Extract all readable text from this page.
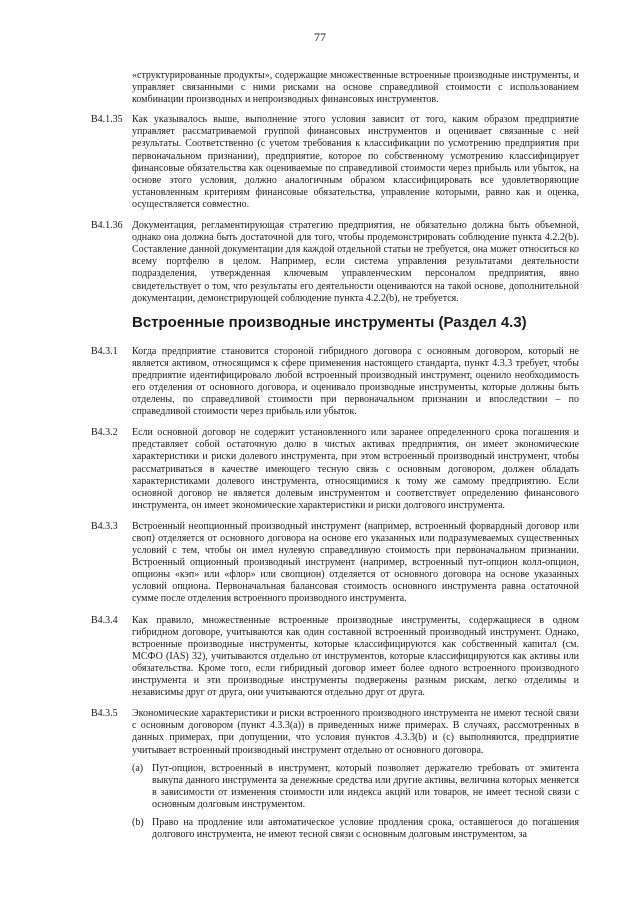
77
«структурированные продукты», содержащие множественные встроенные производные инструменты, и управляет связанными с ними рисками на основе справедливой стоимости с использованием комбинации производных и непроизводных финансовых инструментов.
B4.1.35 Как указывалось выше, выполнение этого условия зависит от того, каким образом предприятие управляет рассматриваемой группой финансовых инструментов и оценивает связанные с ней результаты. Соответственно (с учетом требования к классификации по усмотрению предприятия при первоначальном признании), предприятие, которое по собственному усмотрению классифицирует финансовые обязательства как оцениваемые по справедливой стоимости через прибыль или убыток, на основе этого условия, должно аналогичным образом классифицировать все удовлетворяющие установленным критериям финансовые обязательства, управление которыми, равно как и оценка, осуществляется совместно.
B4.1.36 Документация, регламентирующая стратегию предприятия, не обязательно должна быть объемной, однако она должна быть достаточной для того, чтобы продемонстрировать соблюдение пункта 4.2.2(b). Составление данной документации для каждой отдельной статьи не требуется, она может относиться ко всему портфелю в целом. Например, если система управления результатами деятельности подразделения, утвержденная ключевым управленческим персоналом предприятия, явно свидетельствует о том, что результаты его деятельности оцениваются на такой основе, дополнительной документации, демонстрирующей соблюдение пункта 4.2.2(b), не требуется.
Встроенные производные инструменты (Раздел 4.3)
B4.3.1	Когда предприятие становится стороной гибридного договора с основным договором, который не является активом, относящимся к сфере применения настоящего стандарта, пункт 4.3.3 требует, чтобы предприятие идентифицировало любой встроенный производный инструмент, оценило необходимость его отделения от основного договора, и оценивало производные инструменты, которые должны быть отделены, по справедливой стоимости при первоначальном признании и впоследствии – по справедливой стоимости через прибыль или убыток.
B4.3.2	Если основной договор не содержит установленного или заранее определенного срока погашения и представляет собой остаточную долю в чистых активах предприятия, он имеет экономические характеристики и риски долевого инструмента, при этом встроенный производный инструмент, чтобы рассматриваться в качестве имеющего тесную связь с основным договором, должен обладать характеристиками долевого инструмента, относящимися к тому же самому предприятию. Если основной договор не является долевым инструментом и соответствует определению финансового инструмента, он имеет экономические характеристики и риски долгового инструмента.
B4.3.3	Встроенный неопционный производный инструмент (например, встроенный форвардный договор или своп) отделяется от основного договора на основе его указанных или подразумеваемых существенных условий с тем, чтобы он имел нулевую справедливую стоимость при первоначальном признании. Встроенный опционный производный инструмент (например, встроенный пут-опцион колл-опцион, опционы «кэп» или «флор» или свопцион) отделяется от основного договора на основе указанных условий опциона. Первоначальная балансовая стоимость основного инструмента равна остаточной сумме после отделения встроенного производного инструмента.
B4.3.4	Как правило, множественные встроенные производные инструменты, содержащиеся в одном гибридном договоре, учитываются как один составной встроенный производный инструмент. Однако, встроенные производные инструменты, которые классифицируются как собственный капитал (см. МСФО (IAS) 32), учитываются отдельно от инструментов, которые классифицируются как активы или обязательства. Кроме того, если гибридный договор имеет более одного встроенного производного инструмента и эти производные инструменты подвержены разным рискам, легко отделимы и независимы друг от друга, они учитываются отдельно друг от друга.
B4.3.5	Экономические характеристики и риски встроенного производного инструмента не имеют тесной связи с основным договором (пункт 4.3.3(a)) в приведенных ниже примерах. В случаях, рассмотренных в данных примерах, при допущении, что условия пунктов 4.3.3(b) и (c) выполняются, предприятие учитывает встроенный производный инструмент отдельно от основного договора.
(a) Пут-опцион, встроенный в инструмент, который позволяет держателю требовать от эмитента выкупа данного инструмента за денежные средства или другие активы, величина которых меняется в зависимости от изменения стоимости или индекса акций или товаров, не имеет тесной связи с основным долговым инструментом.
(b) Право на продление или автоматическое условие продления срока, оставшегося до погашения долгового инструмента, не имеют тесной связи с основным долговым инструментом, за
